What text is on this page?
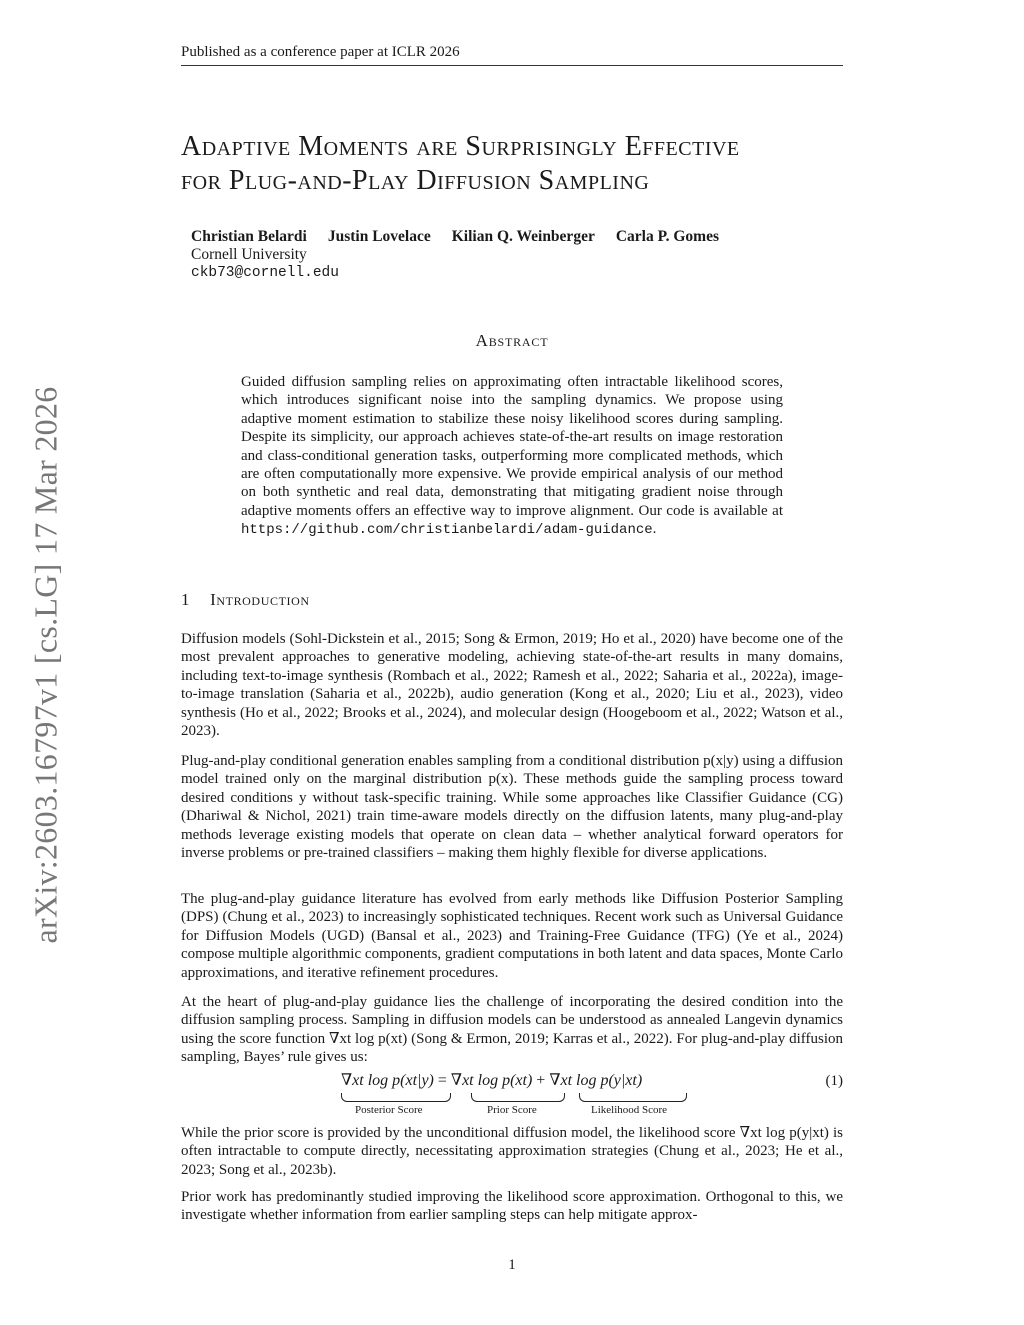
Published as a conference paper at ICLR 2026
arXiv:2603.16797v1 [cs.LG] 17 Mar 2026
Adaptive Moments are Surprisingly Effective
for Plug-and-Play Diffusion Sampling
Christian Belardi Justin Lovelace Kilian Q. Weinberger Carla P. Gomes
Cornell University
ckb73@cornell.edu
Abstract
Guided diffusion sampling relies on approximating often intractable likelihood scores, which introduces significant noise into the sampling dynamics. We propose using adaptive moment estimation to stabilize these noisy likelihood scores during sampling. Despite its simplicity, our approach achieves state-of-the-art results on image restoration and class-conditional generation tasks, outperforming more complicated methods, which are often computationally more expensive. We provide empirical analysis of our method on both synthetic and real data, demonstrating that mitigating gradient noise through adaptive moments offers an effective way to improve alignment. Our code is available at https://github.com/christianbelardi/adam-guidance.
1 Introduction
Diffusion models (Sohl-Dickstein et al., 2015; Song & Ermon, 2019; Ho et al., 2020) have become one of the most prevalent approaches to generative modeling, achieving state-of-the-art results in many domains, including text-to-image synthesis (Rombach et al., 2022; Ramesh et al., 2022; Saharia et al., 2022a), image-to-image translation (Saharia et al., 2022b), audio generation (Kong et al., 2020; Liu et al., 2023), video synthesis (Ho et al., 2022; Brooks et al., 2024), and molecular design (Hoogeboom et al., 2022; Watson et al., 2023).
Plug-and-play conditional generation enables sampling from a conditional distribution p(x|y) using a diffusion model trained only on the marginal distribution p(x). These methods guide the sampling process toward desired conditions y without task-specific training. While some approaches like Classifier Guidance (CG) (Dhariwal & Nichol, 2021) train time-aware models directly on the diffusion latents, many plug-and-play methods leverage existing models that operate on clean data – whether analytical forward operators for inverse problems or pre-trained classifiers – making them highly flexible for diverse applications.
The plug-and-play guidance literature has evolved from early methods like Diffusion Posterior Sampling (DPS) (Chung et al., 2023) to increasingly sophisticated techniques. Recent work such as Universal Guidance for Diffusion Models (UGD) (Bansal et al., 2023) and Training-Free Guidance (TFG) (Ye et al., 2024) compose multiple algorithmic components, gradient computations in both latent and data spaces, Monte Carlo approximations, and iterative refinement procedures.
At the heart of plug-and-play guidance lies the challenge of incorporating the desired condition into the diffusion sampling process. Sampling in diffusion models can be understood as annealed Langevin dynamics using the score function ∇xt log p(xt) (Song & Ermon, 2019; Karras et al., 2022). For plug-and-play diffusion sampling, Bayes’ rule gives us:
∇xt log p(xt|y) = ∇xt log p(xt) + ∇xt log p(y|xt)
Posterior Score	Prior Score	Likelihood Score
(1)
While the prior score is provided by the unconditional diffusion model, the likelihood score ∇xt log p(y|xt) is often intractable to compute directly, necessitating approximation strategies (Chung et al., 2023; He et al., 2023; Song et al., 2023b).
Prior work has predominantly studied improving the likelihood score approximation. Orthogonal to this, we investigate whether information from earlier sampling steps can help mitigate approx-
1
